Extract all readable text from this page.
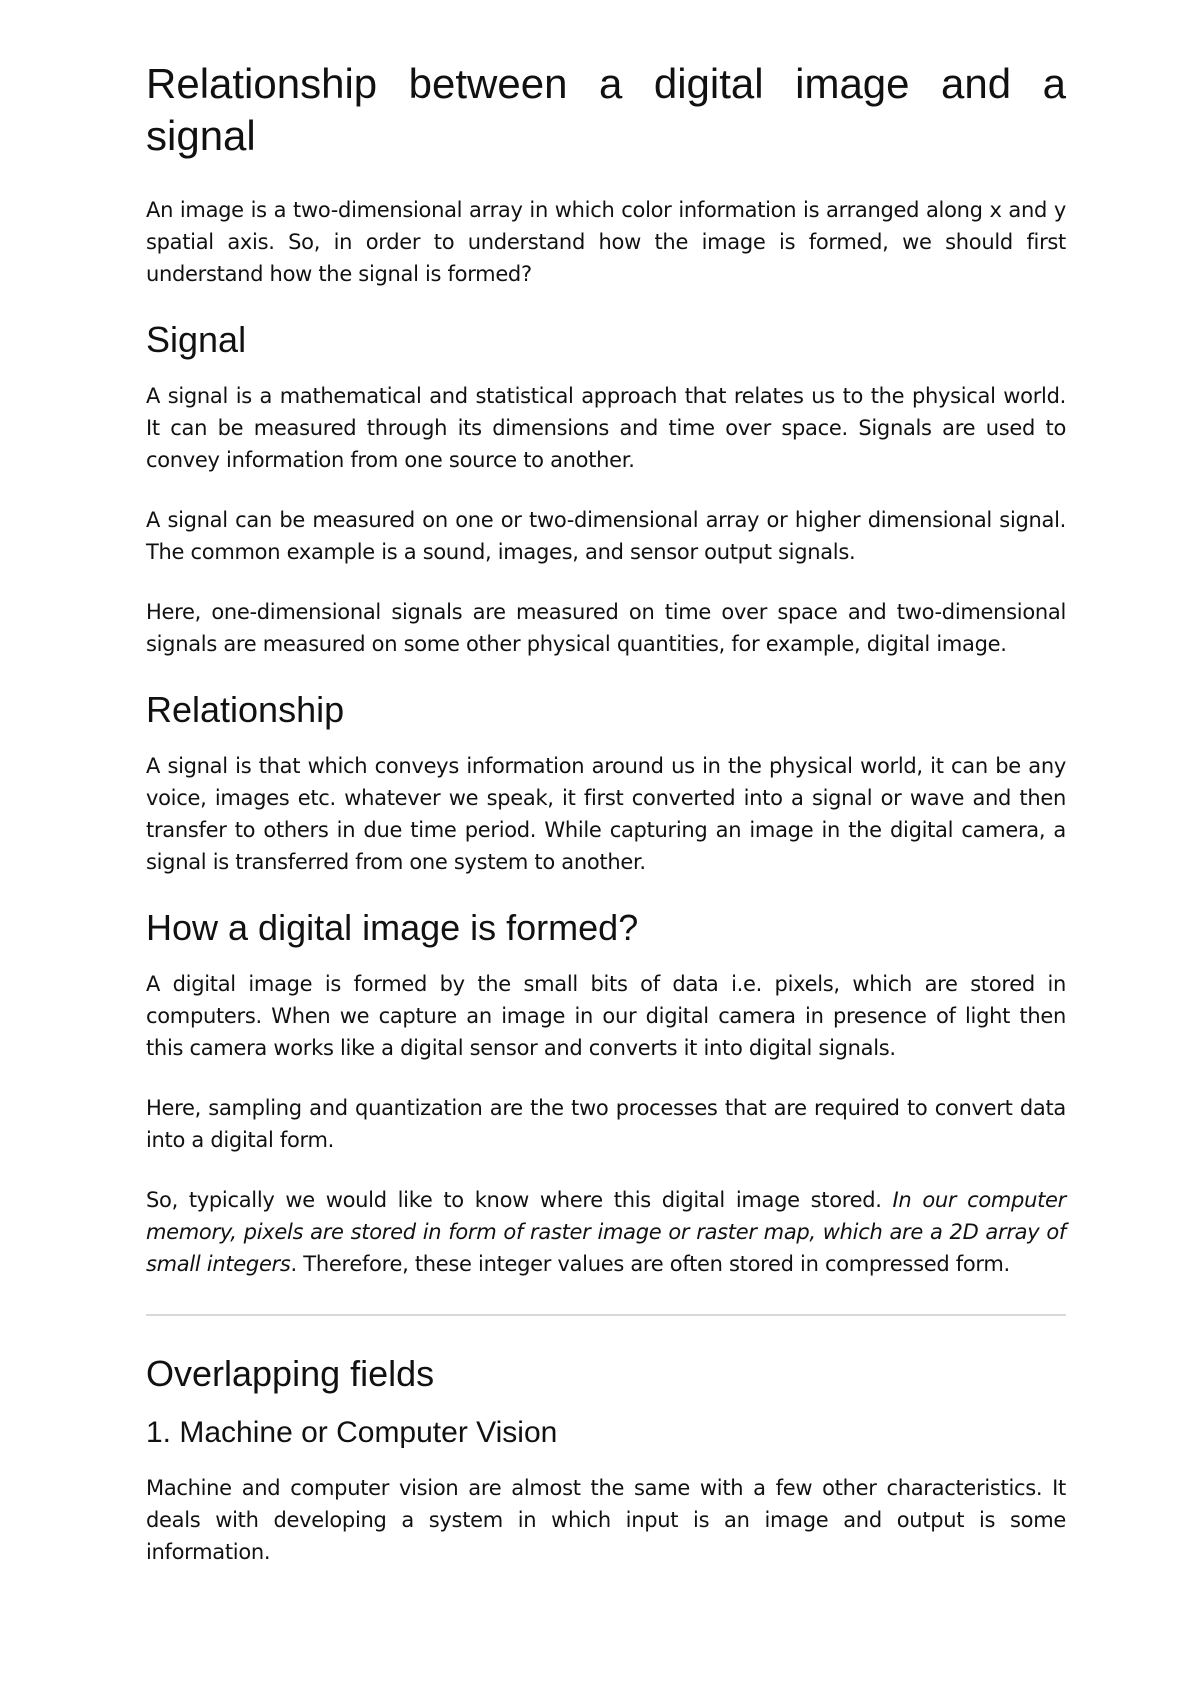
Relationship between a digital image and a signal

An image is a two-dimensional array in which color information is arranged along x and y spatial axis. So, in order to understand how the image is formed, we should first understand how the signal is formed?

Signal

A signal is a mathematical and statistical approach that relates us to the physical world. It can be measured through its dimensions and time over space. Signals are used to convey information from one source to another.

A signal can be measured on one or two-dimensional array or higher dimensional signal. The common example is a sound, images, and sensor output signals.

Here, one-dimensional signals are measured on time over space and two-dimensional signals are measured on some other physical quantities, for example, digital image.

Relationship

A signal is that which conveys information around us in the physical world, it can be any voice, images etc. whatever we speak, it first converted into a signal or wave and then transfer to others in due time period. While capturing an image in the digital camera, a signal is transferred from one system to another.

How a digital image is formed?

A digital image is formed by the small bits of data i.e. pixels, which are stored in computers. When we capture an image in our digital camera in presence of light then this camera works like a digital sensor and converts it into digital signals.

Here, sampling and quantization are the two processes that are required to convert data into a digital form.

So, typically we would like to know where this digital image stored. In our computer memory, pixels are stored in form of raster image or raster map, which are a 2D array of small integers. Therefore, these integer values are often stored in compressed form.

Overlapping fields
1. Machine or Computer Vision

Machine and computer vision are almost the same with a few other characteristics. It deals with developing a system in which input is an image and output is some information.
